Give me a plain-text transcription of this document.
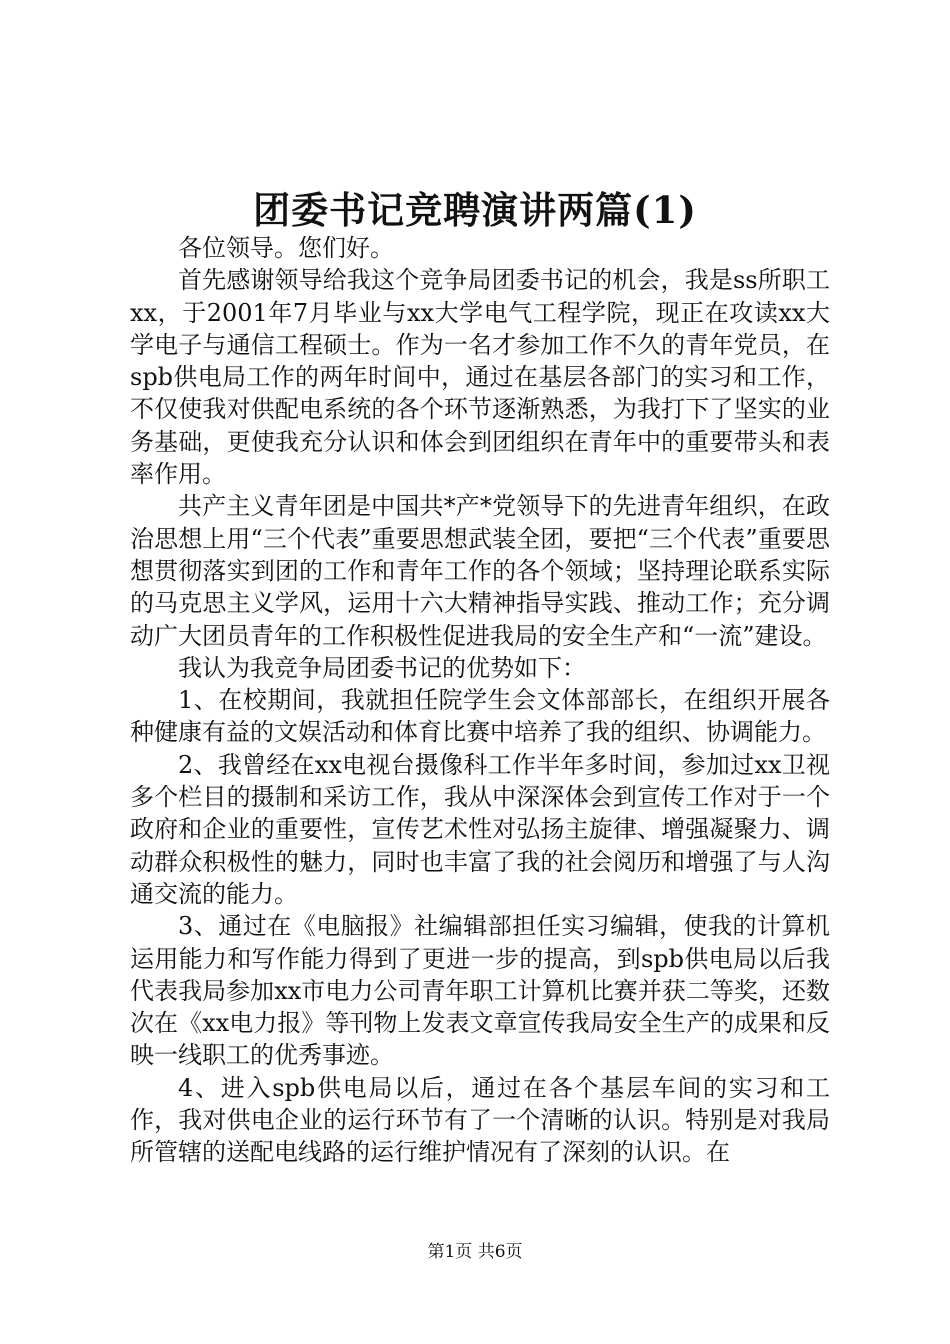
团委书记竞聘演讲两篇(1)

各位领导。您们好。

首先感谢领导给我这个竞争局团委书记的机会，我是ss所职工xx，于2001年7月毕业与xx大学电气工程学院，现正在攻读xx大学电子与通信工程硕士。作为一名才参加工作不久的青年党员，在spb供电局工作的两年时间中，通过在基层各部门的实习和工作，不仅使我对供配电系统的各个环节逐渐熟悉，为我打下了坚实的业务基础，更使我充分认识和体会到团组织在青年中的重要带头和表率作用。

共产主义青年团是中国共*产*党领导下的先进青年组织，在政治思想上用“三个代表”重要思想武装全团，要把“三个代表”重要思想贯彻落实到团的工作和青年工作的各个领域；坚持理论联系实际的马克思主义学风，运用十六大精神指导实践、推动工作；充分调动广大团员青年的工作积极性促进我局的安全生产和“一流”建设。

我认为我竞争局团委书记的优势如下：

1、在校期间，我就担任院学生会文体部部长，在组织开展各种健康有益的文娱活动和体育比赛中培养了我的组织、协调能力。

2、我曾经在xx电视台摄像科工作半年多时间，参加过xx卫视多个栏目的摄制和采访工作，我从中深深体会到宣传工作对于一个政府和企业的重要性，宣传艺术性对弘扬主旋律、增强凝聚力、调动群众积极性的魅力，同时也丰富了我的社会阅历和增强了与人沟通交流的能力。

3、通过在《电脑报》社编辑部担任实习编辑，使我的计算机运用能力和写作能力得到了更进一步的提高，到spb供电局以后我代表我局参加xx市电力公司青年职工计算机比赛并获二等奖，还数次在《xx电力报》等刊物上发表文章宣传我局安全生产的成果和反映一线职工的优秀事迹。

4、进入spb供电局以后，通过在各个基层车间的实习和工作，我对供电企业的运行环节有了一个清晰的认识。特别是对我局所管辖的送配电线路的运行维护情况有了深刻的认识。在

第1页 共6页
